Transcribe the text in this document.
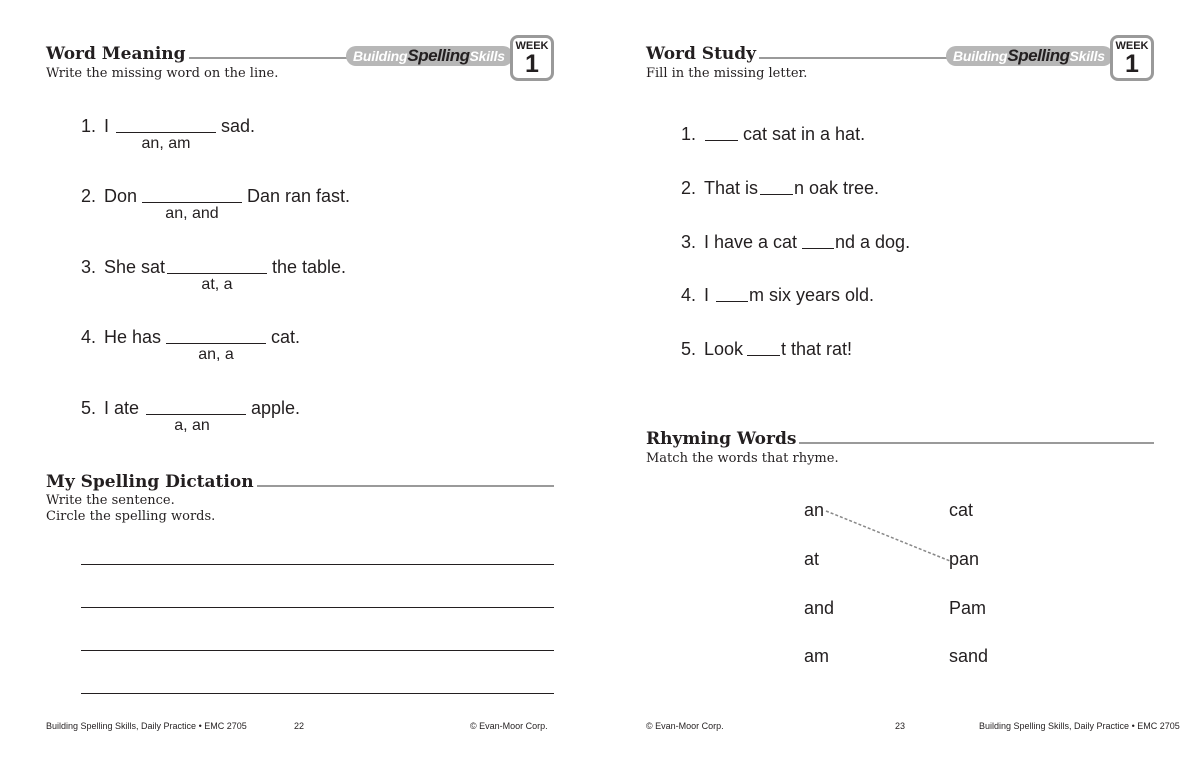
Word Meaning	BuildingSpellingSkills
WEEK
1
Write the missing word on the line.
1. I	sad.
an, am
2. Don	Dan ran fast.
an, and
3. She sat	the table.
at, a
4. He has	cat.
an, a
5. I ate	apple.
a, an
My Spelling Dictation
Write the sentence.
Circle the spelling words.
Building Spelling Skills, Daily Practice • EMC 2705	22	© Evan-Moor Corp.
Word Study	BuildingSpellingSkills
WEEK
1
Fill in the missing letter.
1.	cat sat in a hat.
2. That is n oak tree.
3. I have a cat nd a dog.
4. I m six years old.
5. Look t that rat!
Rhyming Words
Match the words that rhyme.
an
at
and
am
cat
pan
Pam
sand
© Evan-Moor Corp.	23	Building Spelling Skills, Daily Practice • EMC 2705
